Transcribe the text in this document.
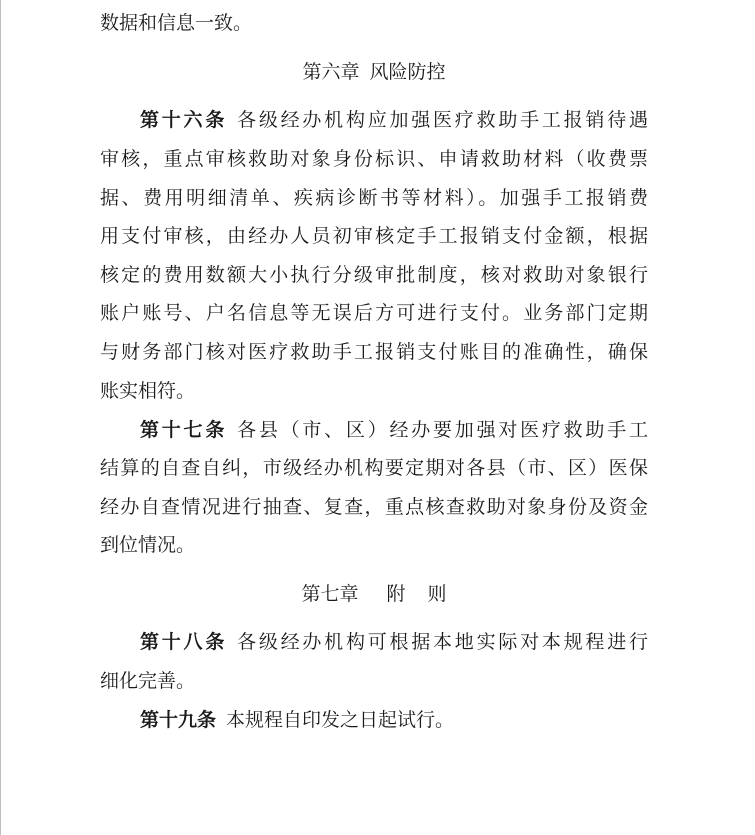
数据和信息一致。
第六章 风险防控
第十六条 各级经办机构应加强医疗救助手工报销待遇
审核，重点审核救助对象身份标识、申请救助材料（收费票
据、费用明细清单、疾病诊断书等材料）。加强手工报销费
用支付审核，由经办人员初审核定手工报销支付金额，根据
核定的费用数额大小执行分级审批制度，核对救助对象银行
账户账号、户名信息等无误后方可进行支付。业务部门定期
与财务部门核对医疗救助手工报销支付账目的准确性，确保
账实相符。
第十七条 各县（市、区）经办要加强对医疗救助手工
结算的自查自纠，市级经办机构要定期对各县（市、区）医保
经办自查情况进行抽查、复查，重点核查救助对象身份及资金
到位情况。
第七章 附则
第十八条 各级经办机构可根据本地实际对本规程进行
细化完善。
第十九条 本规程自印发之日起试行。
